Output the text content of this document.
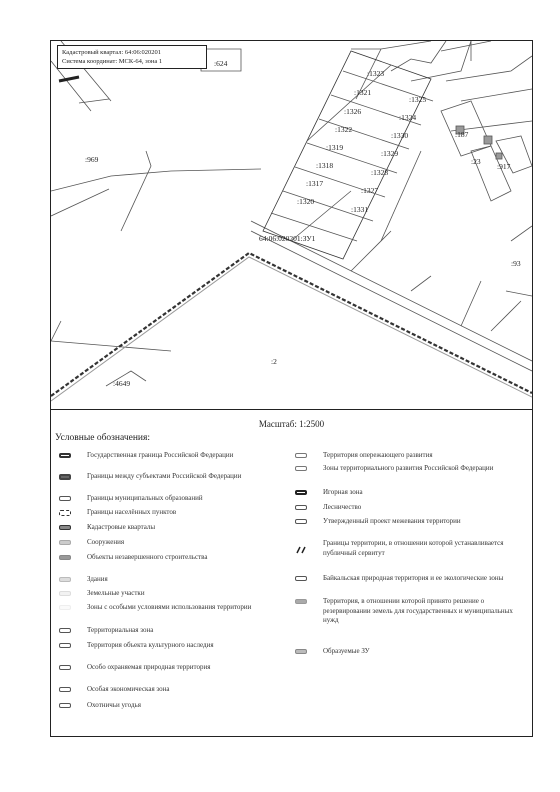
Кадастровый квартал: 64:06:020201
Система координат: МСК-64, зона 1	:624
:969
:1323
:1321
:1325
:1326
:1324
:1322
:1330
:1319
:1329
:1318
:1328
:1317
:1327
:1320
:1331
:187
:23
:917
:93
64:06:020201:ЗУ1
:2
:4649
Масштаб: 1:2500
Условные обозначения:
Государственная граница Российской Федерации
Границы между субъектами Российской Федерации
Границы муниципальных образований
Границы населённых пунктов
Кадастровые кварталы
Сооружения
Объекты незавершенного строительства
Здания
Земельные участки
Зоны с особыми условиями использования территории
Территориальная зона
Территория объекта культурного наследия
Особо охраняемая природная территория
Особая экономическая зона
Охотничьи угодья
Территория опережающего развития
Зоны территориального развития Российской Федерации
Игорная зона
Лесничество
Утвержденный проект межевания территории
Границы территории, в отношении которой устанавливается публичный сервитут
Байкальская природная территория и ее экологические зоны
Территория, в отношении которой принято решение о резервировании земель для государственных и муниципальных нужд
Образуемые ЗУ
